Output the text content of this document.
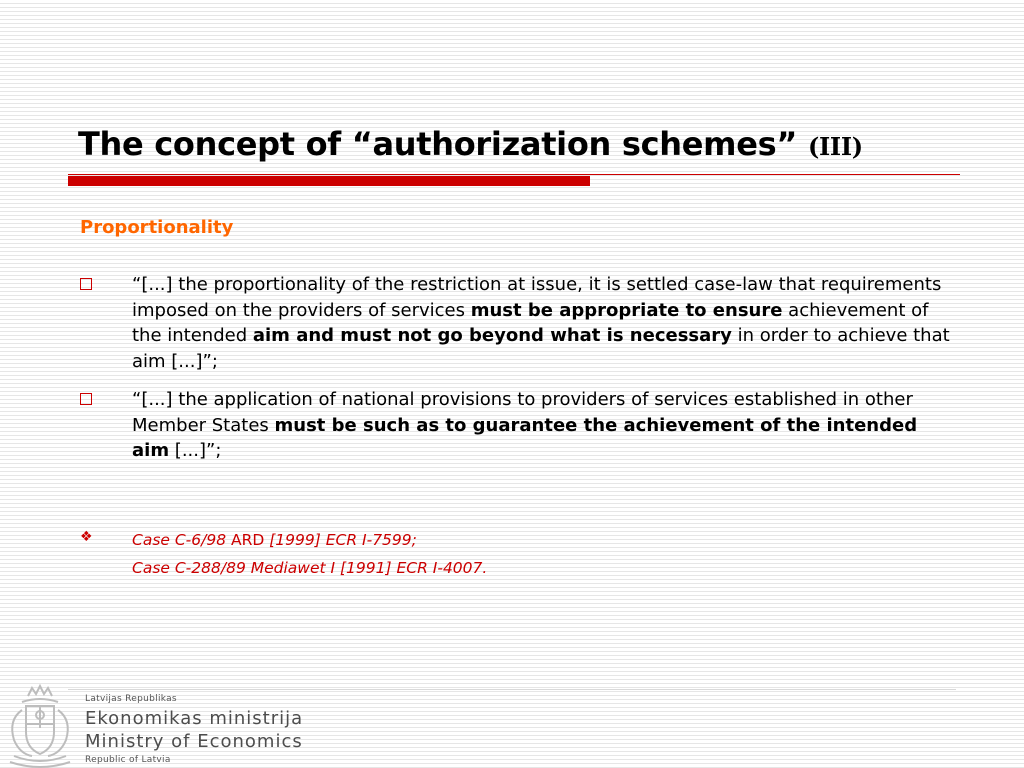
The concept of “authorization schemes” (III)
Proportionality
“[...] the proportionality of the restriction at issue, it is settled case-law that requirements imposed on the providers of services must be appropriate to ensure achievement of the intended aim and must not go beyond what is necessary in order to achieve that aim [...]”;
“[...] the application of national provisions to providers of services established in other Member States must be such as to guarantee the achievement of the intended aim [...]”;
❖	Case C-6/98 ARD [1999] ECR I-7599;
Case C-288/89 Mediawet I [1991] ECR I-4007.
Latvijas Republikas
Ekonomikas ministrija
Ministry of Economics
Republic of Latvia
